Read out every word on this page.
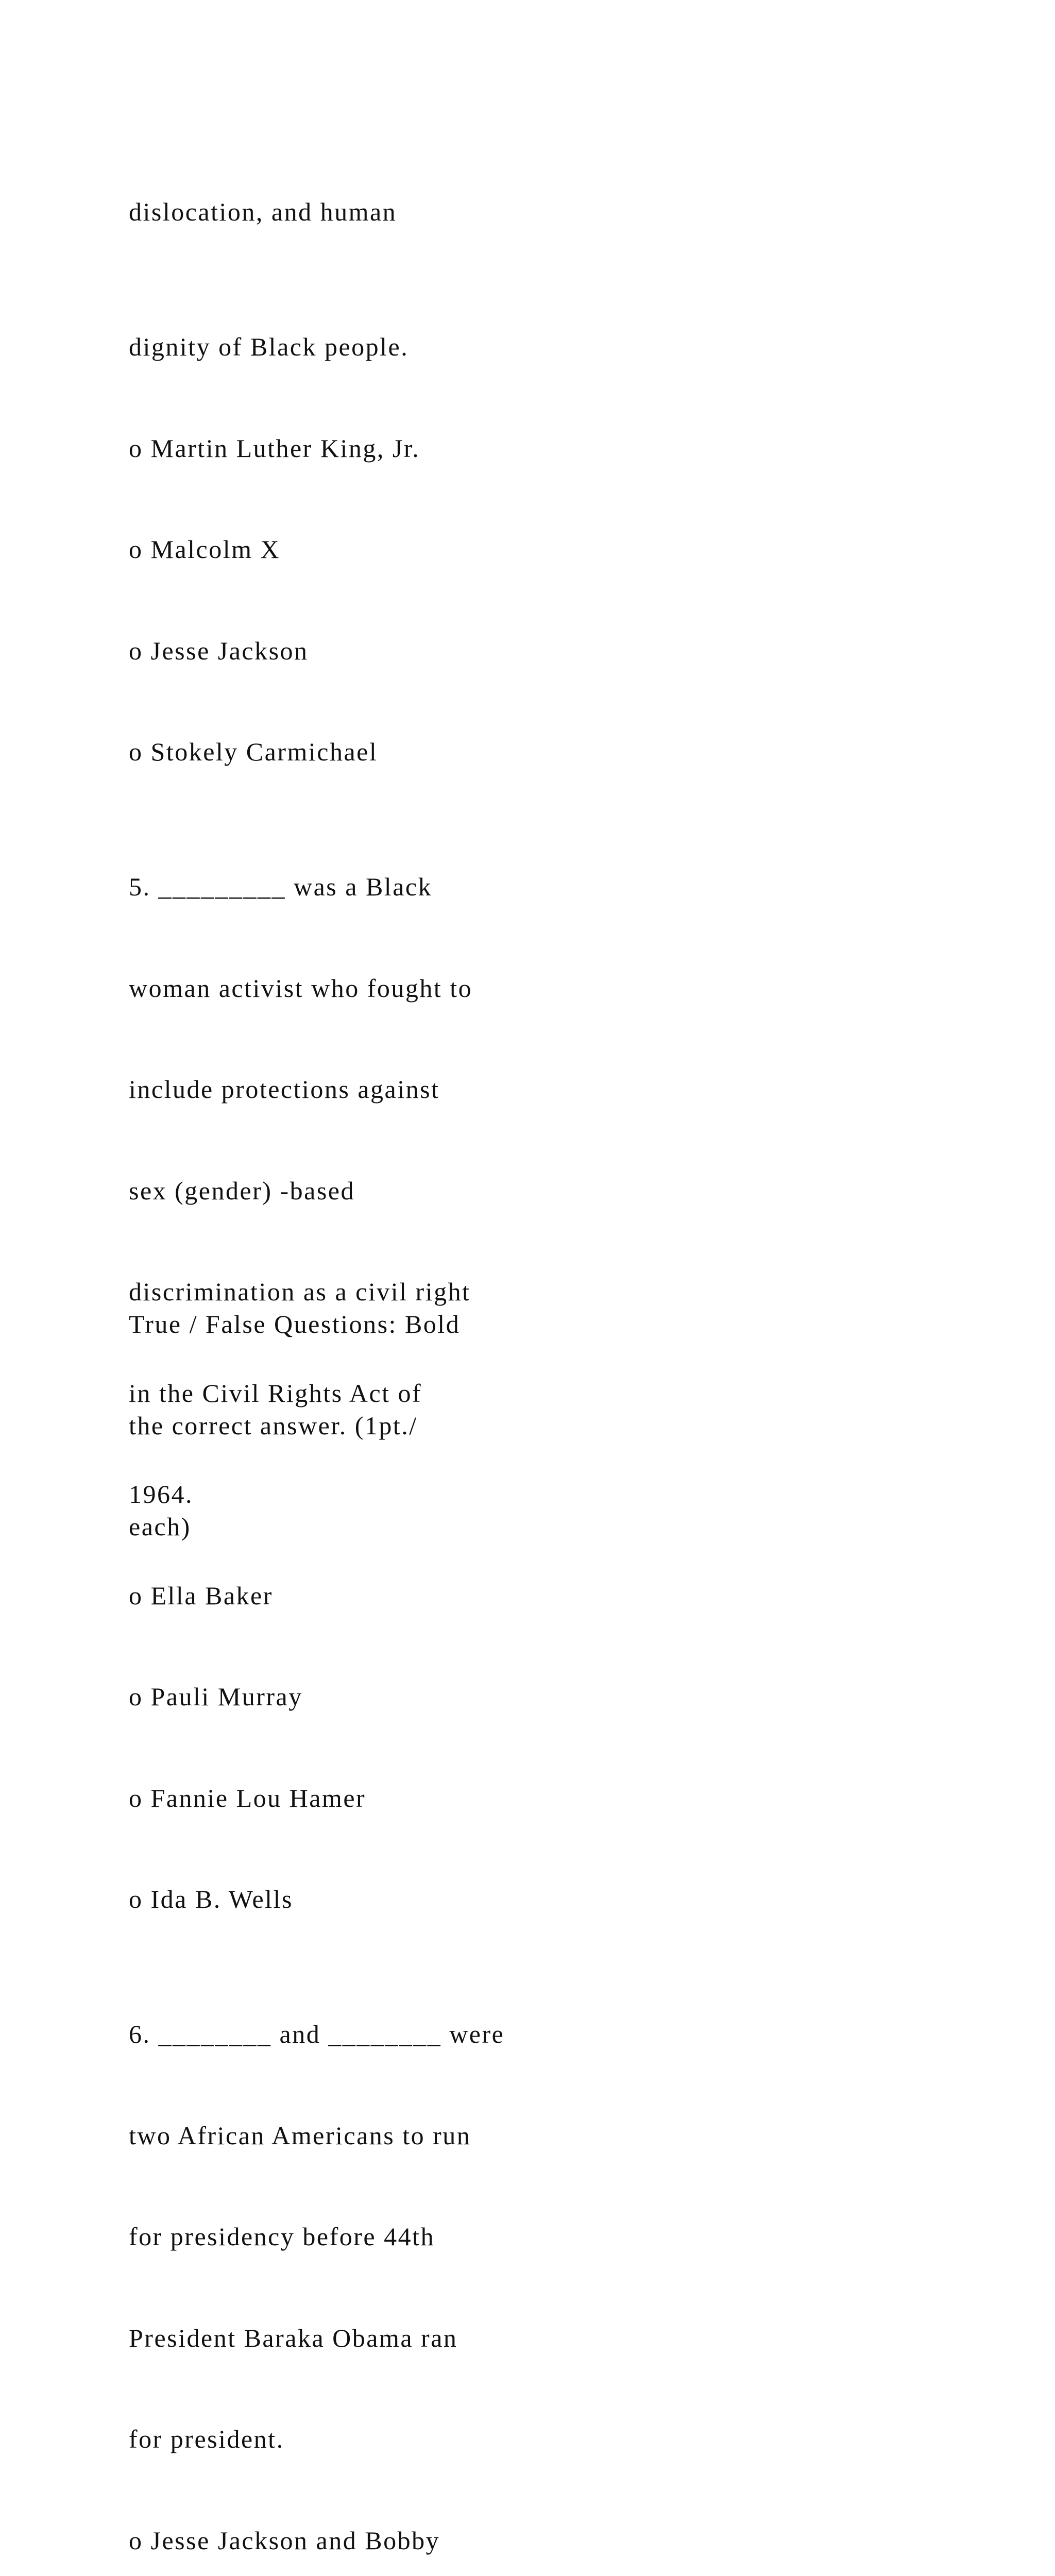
dislocation, and human

dignity of Black people.

o Martin Luther King, Jr.

o Malcolm X

o Jesse Jackson

o Stokely Carmichael

5. _________ was a Black

woman activist who fought to

include protections against

sex (gender) -based

discrimination as a civil right

in the Civil Rights Act of

1964.

o Ella Baker

o Pauli Murray

o Fannie Lou Hamer

o Ida B. Wells

6. ________ and ________ were

two African Americans to run

for presidency before 44th

President Baraka Obama ran

for president.

o Jesse Jackson and Bobby

True / False Questions: Bold

the correct answer. (1pt./

each)
